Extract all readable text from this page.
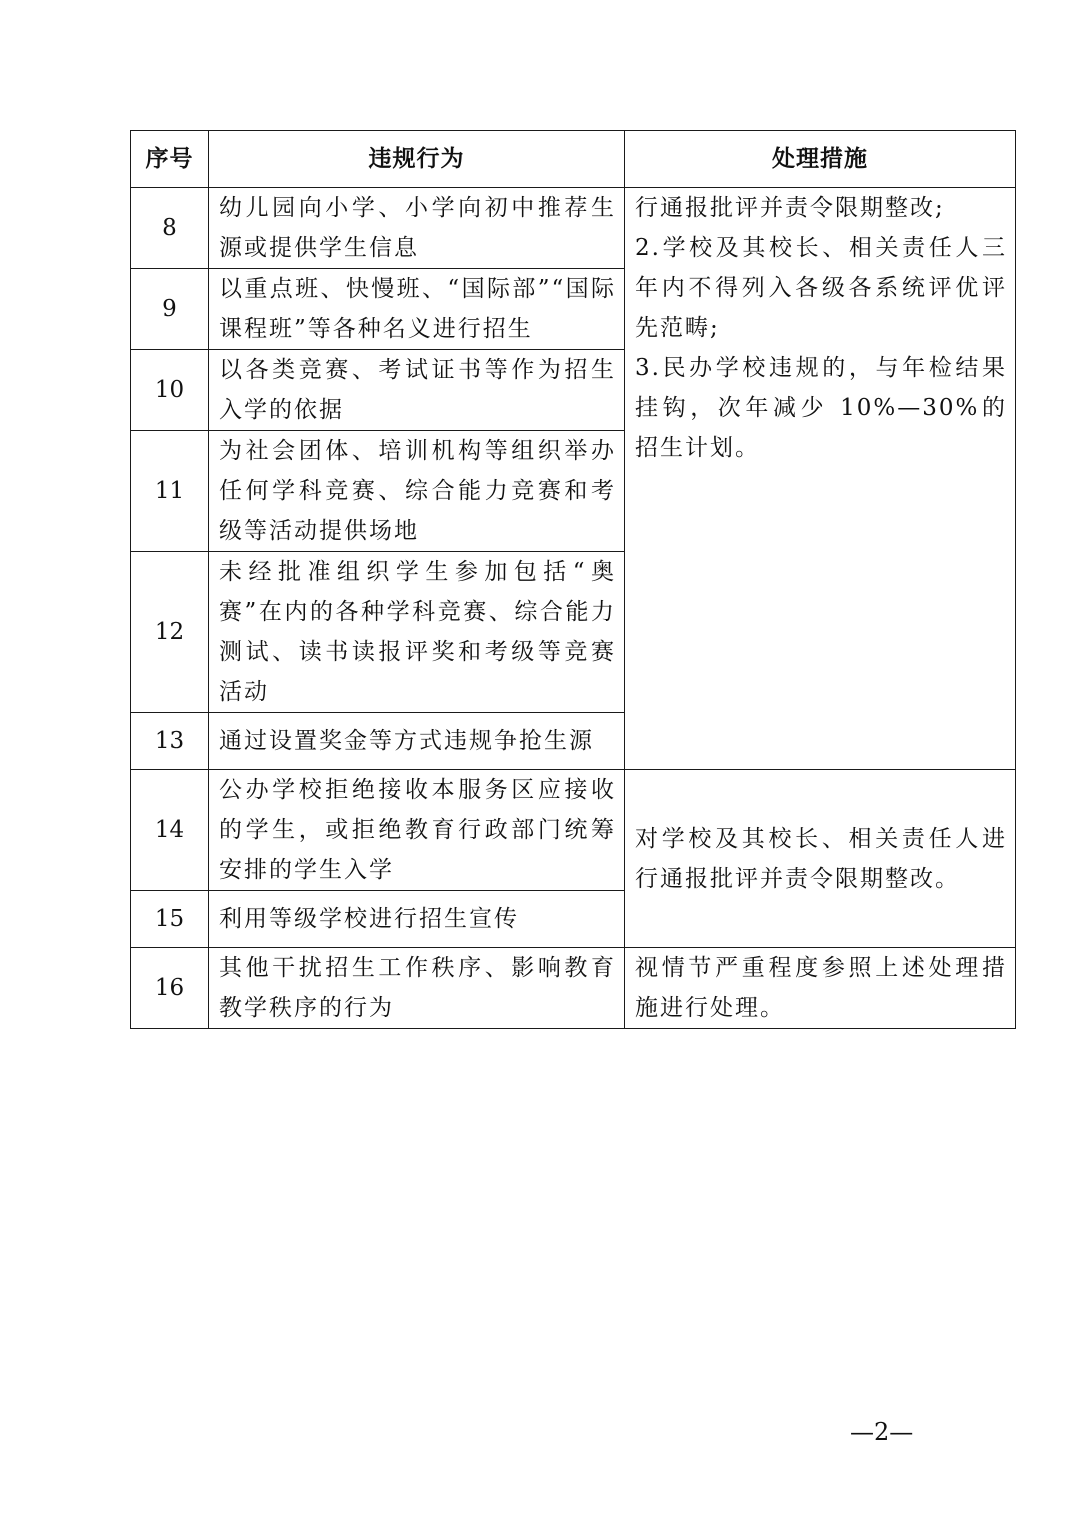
序号	违规行为	处理措施
8	幼儿园向小学、小学向初中推荐生源或提供学生信息	行通报批评并责令限期整改;
2.学校及其校长、相关责任人三年内不得列入各级各系统评优评先范畴;
3.民办学校违规的，与年检结果挂钩，次年减少 10%—30%的招生计划。

9	以重点班、快慢班、“国际部”“国际课程班”等各种名义进行招生	
10	以各类竞赛、考试证书等作为招生入学的依据	
11	为社会团体、培训机构等组织举办任何学科竞赛、综合能力竞赛和考级等活动提供场地	
12	未经批准组织学生参加包括“奥赛”在内的各种学科竞赛、综合能力测试、读书读报评奖和考级等竞赛活动	
13	通过设置奖金等方式违规争抢生源	
14	公办学校拒绝接收本服务区应接收的学生，或拒绝教育行政部门统筹安排的学生入学	对学校及其校长、相关责任人进行通报批评并责令限期整改。
15	利用等级学校进行招生宣传	
16	其他干扰招生工作秩序、影响教育教学秩序的行为	视情节严重程度参照上述处理措施进行处理。
—2—
